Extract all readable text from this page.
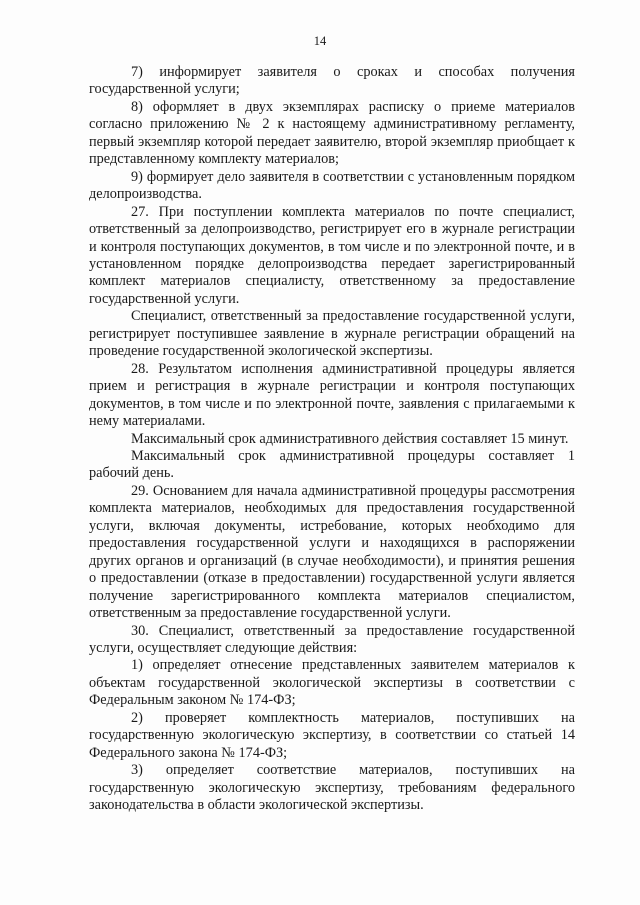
14

7) информирует заявителя о сроках и способах получения государственной услуги;

8) оформляет в двух экземплярах расписку о приеме материалов согласно приложению № 2 к настоящему административному регламенту, первый экземпляр которой передает заявителю, второй экземпляр приобщает к представленному комплекту материалов;

9) формирует дело заявителя в соответствии с установленным порядком делопроизводства.

27. При поступлении комплекта материалов по почте специалист, ответственный за делопроизводство, регистрирует его в журнале регистрации и контроля поступающих документов, в том числе и по электронной почте, и в установленном порядке делопроизводства передает зарегистрированный комплект материалов специалисту, ответственному за предоставление государственной услуги.

Специалист, ответственный за предоставление государственной услуги, регистрирует поступившее заявление в журнале регистрации обращений на проведение государственной экологической экспертизы.

28. Результатом исполнения административной процедуры является прием и регистрация в журнале регистрации и контроля поступающих документов, в том числе и по электронной почте, заявления с прилагаемыми к нему материалами.

Максимальный срок административного действия составляет 15 минут.

Максимальный срок административной процедуры составляет 1 рабочий день.

29. Основанием для начала административной процедуры рассмотрения комплекта материалов, необходимых для предоставления государственной услуги, включая документы, истребование, которых необходимо для предоставления государственной услуги и находящихся в распоряжении других органов и организаций (в случае необходимости), и принятия решения о предоставлении (отказе в предоставлении) государственной услуги является получение зарегистрированного комплекта материалов специалистом, ответственным за предоставление государственной услуги.

30. Специалист, ответственный за предоставление государственной услуги, осуществляет следующие действия:

1) определяет отнесение представленных заявителем материалов к объектам государственной экологической экспертизы в соответствии с Федеральным законом № 174-ФЗ;

2) проверяет комплектность материалов, поступивших на государственную экологическую экспертизу, в соответствии со статьей 14 Федерального закона № 174-ФЗ;

3) определяет соответствие материалов, поступивших на государственную экологическую экспертизу, требованиям федерального законодательства в области экологической экспертизы.
